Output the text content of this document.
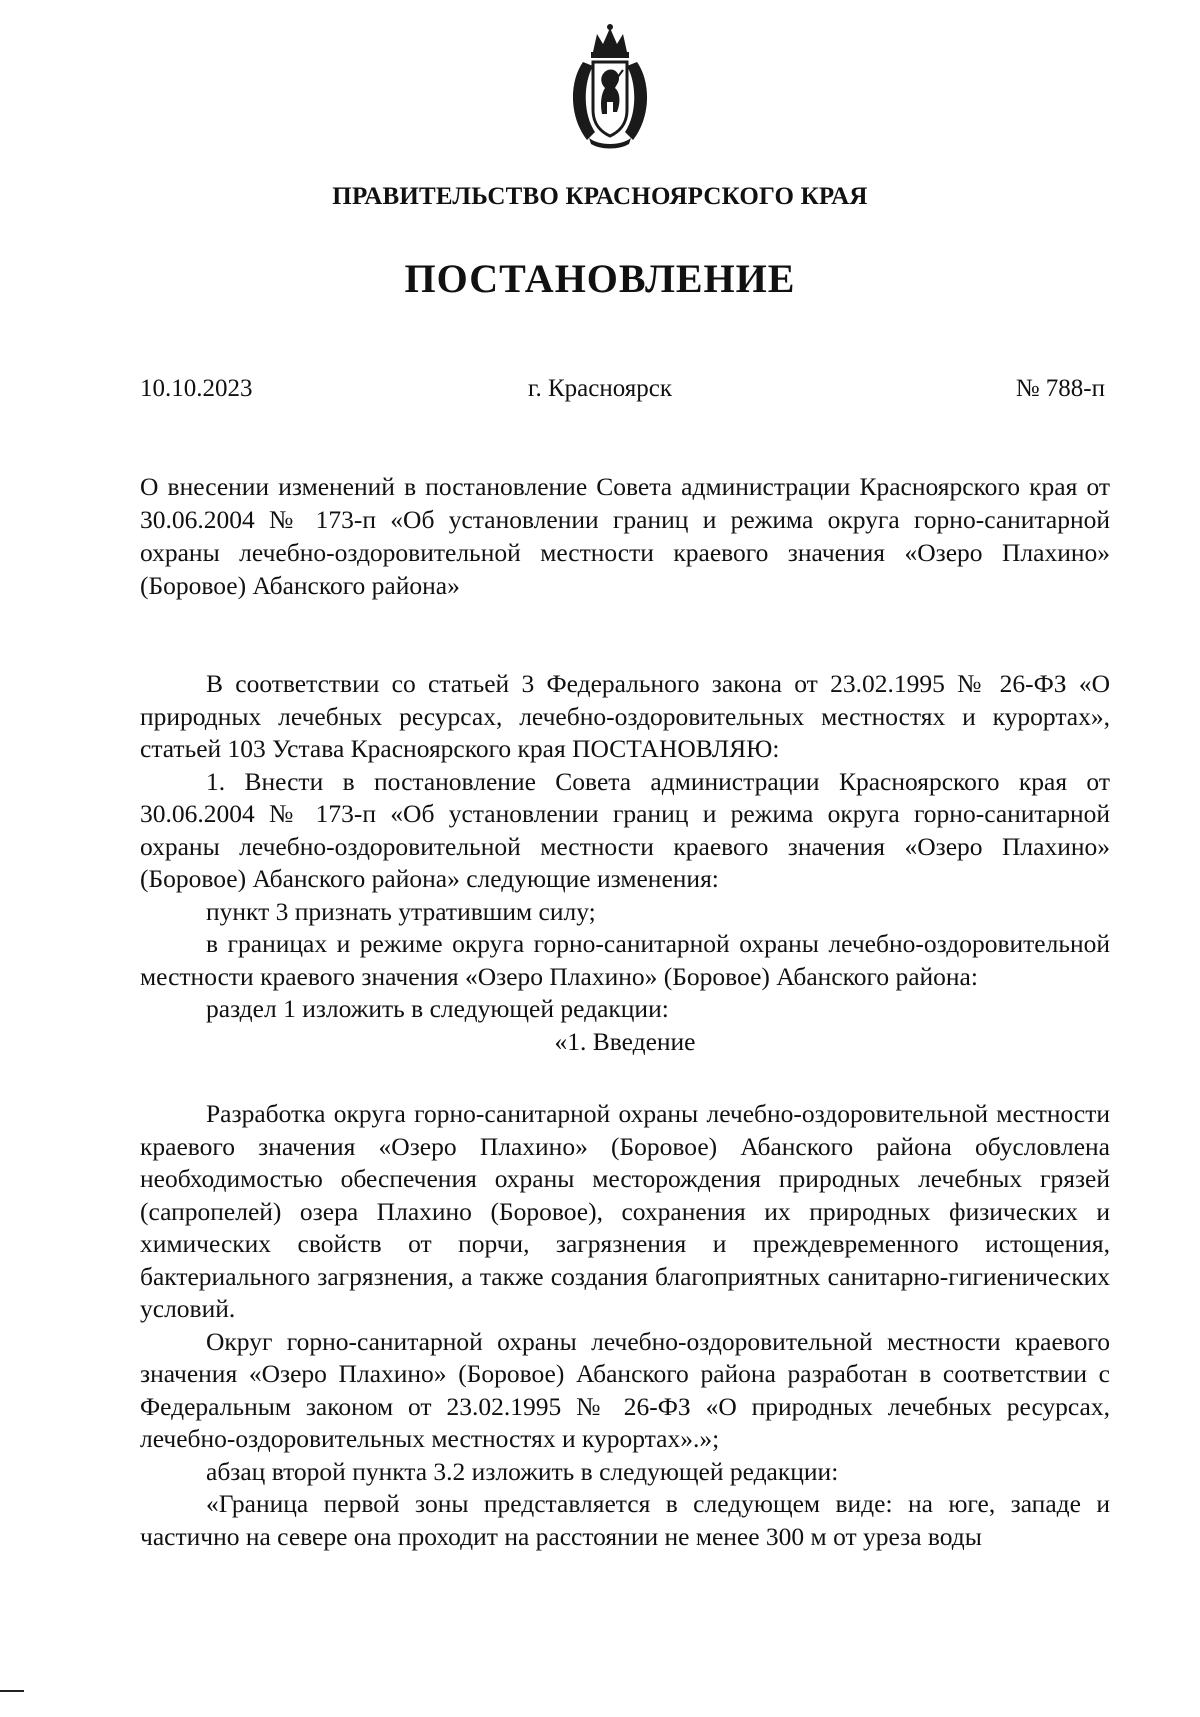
ПРАВИТЕЛЬСТВО КРАСНОЯРСКОГО КРАЯ
ПОСТАНОВЛЕНИЕ
10.10.2023	г. Красноярск	№ 788-п
О внесении изменений в постановление Совета администрации Красноярского края от 30.06.2004 № 173-п «Об установлении границ и режима округа горно-санитарной охраны лечебно-оздоровительной местности краевого значения «Озеро Плахино» (Боровое) Абанского района»

В соответствии со статьей 3 Федерального закона от 23.02.1995 № 26-ФЗ «О природных лечебных ресурсах, лечебно-оздоровительных местностях и курортах», статьей 103 Устава Красноярского края ПОСТАНОВЛЯЮ:

1. Внести в постановление Совета администрации Красноярского края от 30.06.2004 № 173-п «Об установлении границ и режима округа горно-санитарной охраны лечебно-оздоровительной местности краевого значения «Озеро Плахино» (Боровое) Абанского района» следующие изменения:

пункт 3 признать утратившим силу;

в границах и режиме округа горно-санитарной охраны лечебно-оздоровительной местности краевого значения «Озеро Плахино» (Боровое) Абанского района:

раздел 1 изложить в следующей редакции:

«1. Введение

Разработка округа горно-санитарной охраны лечебно-оздоровительной местности краевого значения «Озеро Плахино» (Боровое) Абанского района обусловлена необходимостью обеспечения охраны месторождения природных лечебных грязей (сапропелей) озера Плахино (Боровое), сохранения их природных физических и химических свойств от порчи, загрязнения и преждевременного истощения, бактериального загрязнения, а также создания благоприятных санитарно-гигиенических условий.

Округ горно-санитарной охраны лечебно-оздоровительной местности краевого значения «Озеро Плахино» (Боровое) Абанского района разработан в соответствии с Федеральным законом от 23.02.1995 № 26-ФЗ «О природных лечебных ресурсах, лечебно-оздоровительных местностях и курортах».»;

абзац второй пункта 3.2 изложить в следующей редакции:

«Граница первой зоны представляется в следующем виде: на юге, западе и частично на севере она проходит на расстоянии не менее 300 м от уреза воды
